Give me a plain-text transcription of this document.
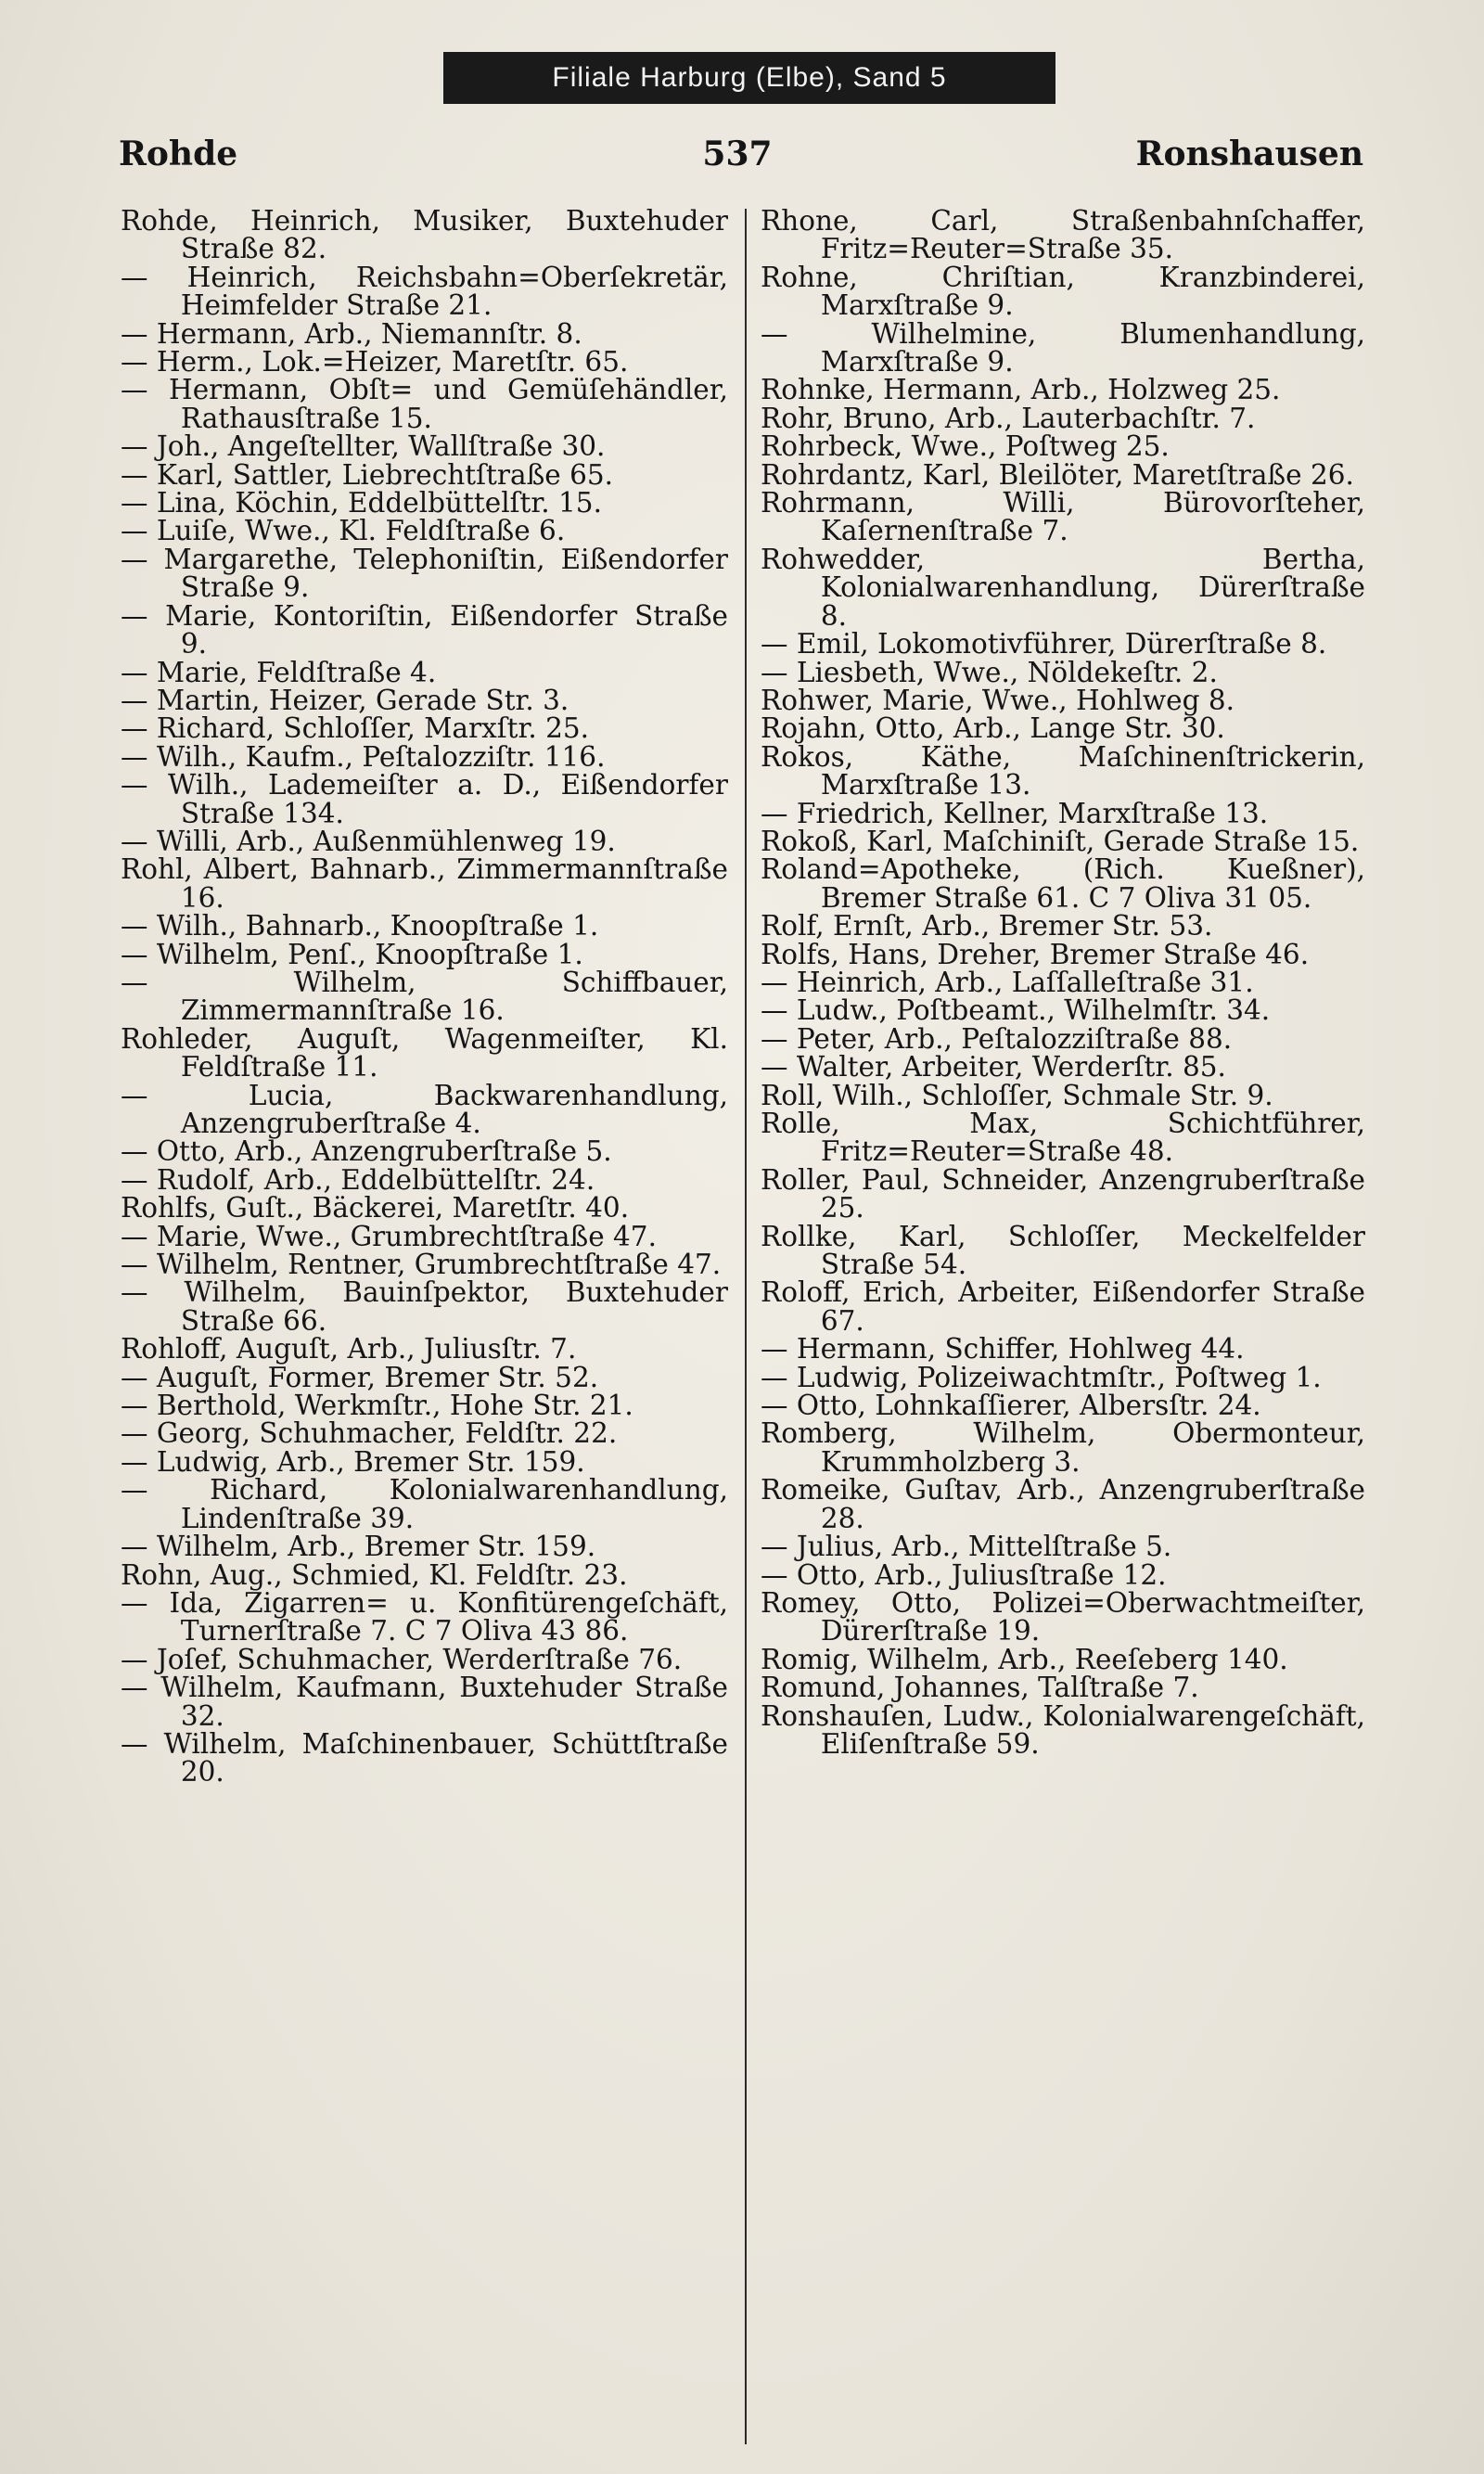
Filiale Harburg (Elbe), Sand 5
Rohde	537	Ronshausen

Rohde, Heinrich, Musiker, Buxtehuder Straße 82.

— Heinrich, Reichsbahn=Oberſekretär, Heimfelder Straße 21.

— Hermann, Arb., Niemannſtr. 8.

— Herm., Lok.=Heizer, Maretſtr. 65.

— Hermann, Obſt= und Gemüſehändler, Rathausſtraße 15.

— Joh., Angeſtellter, Wallſtraße 30.

— Karl, Sattler, Liebrechtſtraße 65.

— Lina, Köchin, Eddelbüttelſtr. 15.

— Luiſe, Wwe., Kl. Feldſtraße 6.

— Margarethe, Telephoniſtin, Eißendorfer Straße 9.

— Marie, Kontoriſtin, Eißendorfer Straße 9.

— Marie, Feldſtraße 4.

— Martin, Heizer, Gerade Str. 3.

— Richard, Schloſſer, Marxſtr. 25.

— Wilh., Kaufm., Peſtalozziſtr. 116.

— Wilh., Lademeiſter a. D., Eißendorfer Straße 134.

— Willi, Arb., Außenmühlenweg 19.

Rohl, Albert, Bahnarb., Zimmermannſtraße 16.

— Wilh., Bahnarb., Knoopſtraße 1.

— Wilhelm, Penſ., Knoopſtraße 1.

— Wilhelm, Schiffbauer, Zimmermannſtraße 16.

Rohleder, Auguſt, Wagenmeiſter, Kl. Feldſtraße 11.

— Lucia, Backwarenhandlung, Anzengruberſtraße 4.

— Otto, Arb., Anzengruberſtraße 5.

— Rudolf, Arb., Eddelbüttelſtr. 24.

Rohlfs, Guſt., Bäckerei, Maretſtr. 40.

— Marie, Wwe., Grumbrechtſtraße 47.

— Wilhelm, Rentner, Grumbrechtſtraße 47.

— Wilhelm, Bauinſpektor, Buxtehuder Straße 66.

Rohloff, Auguſt, Arb., Juliusſtr. 7.

— Auguſt, Former, Bremer Str. 52.

— Berthold, Werkmſtr., Hohe Str. 21.

— Georg, Schuhmacher, Feldſtr. 22.

— Ludwig, Arb., Bremer Str. 159.

— Richard, Kolonialwarenhandlung, Lindenſtraße 39.

— Wilhelm, Arb., Bremer Str. 159.

Rohn, Aug., Schmied, Kl. Feldſtr. 23.

— Ida, Zigarren= u. Konfitürengeſchäft, Turnerſtraße 7. C 7 Oliva 43 86.

— Joſef, Schuhmacher, Werderſtraße 76.

— Wilhelm, Kaufmann, Buxtehuder Straße 32.

— Wilhelm, Maſchinenbauer, Schüttſtraße 20.

Rhone, Carl, Straßenbahnſchaffer, Fritz=Reuter=Straße 35.

Rohne, Chriſtian, Kranzbinderei, Marxſtraße 9.

— Wilhelmine, Blumenhandlung, Marxſtraße 9.

Rohnke, Hermann, Arb., Holzweg 25.

Rohr, Bruno, Arb., Lauterbachſtr. 7.

Rohrbeck, Wwe., Poſtweg 25.

Rohrdantz, Karl, Bleilöter, Maretſtraße 26.

Rohrmann, Willi, Bürovorſteher, Kaſernenſtraße 7.

Rohwedder, Bertha, Kolonialwarenhandlung, Dürerſtraße 8.

— Emil, Lokomotivführer, Dürerſtraße 8.

— Liesbeth, Wwe., Nöldekeſtr. 2.

Rohwer, Marie, Wwe., Hohlweg 8.

Rojahn, Otto, Arb., Lange Str. 30.

Rokos, Käthe, Maſchinenſtrickerin, Marxſtraße 13.

— Friedrich, Kellner, Marxſtraße 13.

Rokoß, Karl, Maſchiniſt, Gerade Straße 15.

Roland=Apotheke, (Rich. Kueßner), Bremer Straße 61. C 7 Oliva 31 05.

Rolf, Ernſt, Arb., Bremer Str. 53.

Rolfs, Hans, Dreher, Bremer Straße 46.

— Heinrich, Arb., Laſſalleſtraße 31.

— Ludw., Poſtbeamt., Wilhelmſtr. 34.

— Peter, Arb., Peſtalozziſtraße 88.

— Walter, Arbeiter, Werderſtr. 85.

Roll, Wilh., Schloſſer, Schmale Str. 9.

Rolle, Max, Schichtführer, Fritz=Reuter=Straße 48.

Roller, Paul, Schneider, Anzengruberſtraße 25.

Rollke, Karl, Schloſſer, Meckelfelder Straße 54.

Roloff, Erich, Arbeiter, Eißendorfer Straße 67.

— Hermann, Schiffer, Hohlweg 44.

— Ludwig, Polizeiwachtmſtr., Poſtweg 1.

— Otto, Lohnkaſſierer, Albersſtr. 24.

Romberg, Wilhelm, Obermonteur, Krummholzberg 3.

Romeike, Guſtav, Arb., Anzengruberſtraße 28.

— Julius, Arb., Mittelſtraße 5.

— Otto, Arb., Juliusſtraße 12.

Romey, Otto, Polizei=Oberwachtmeiſter, Dürerſtraße 19.

Romig, Wilhelm, Arb., Reeſeberg 140.

Romund, Johannes, Talſtraße 7.

Ronshauſen, Ludw., Kolonialwarengeſchäft, Eliſenſtraße 59.
